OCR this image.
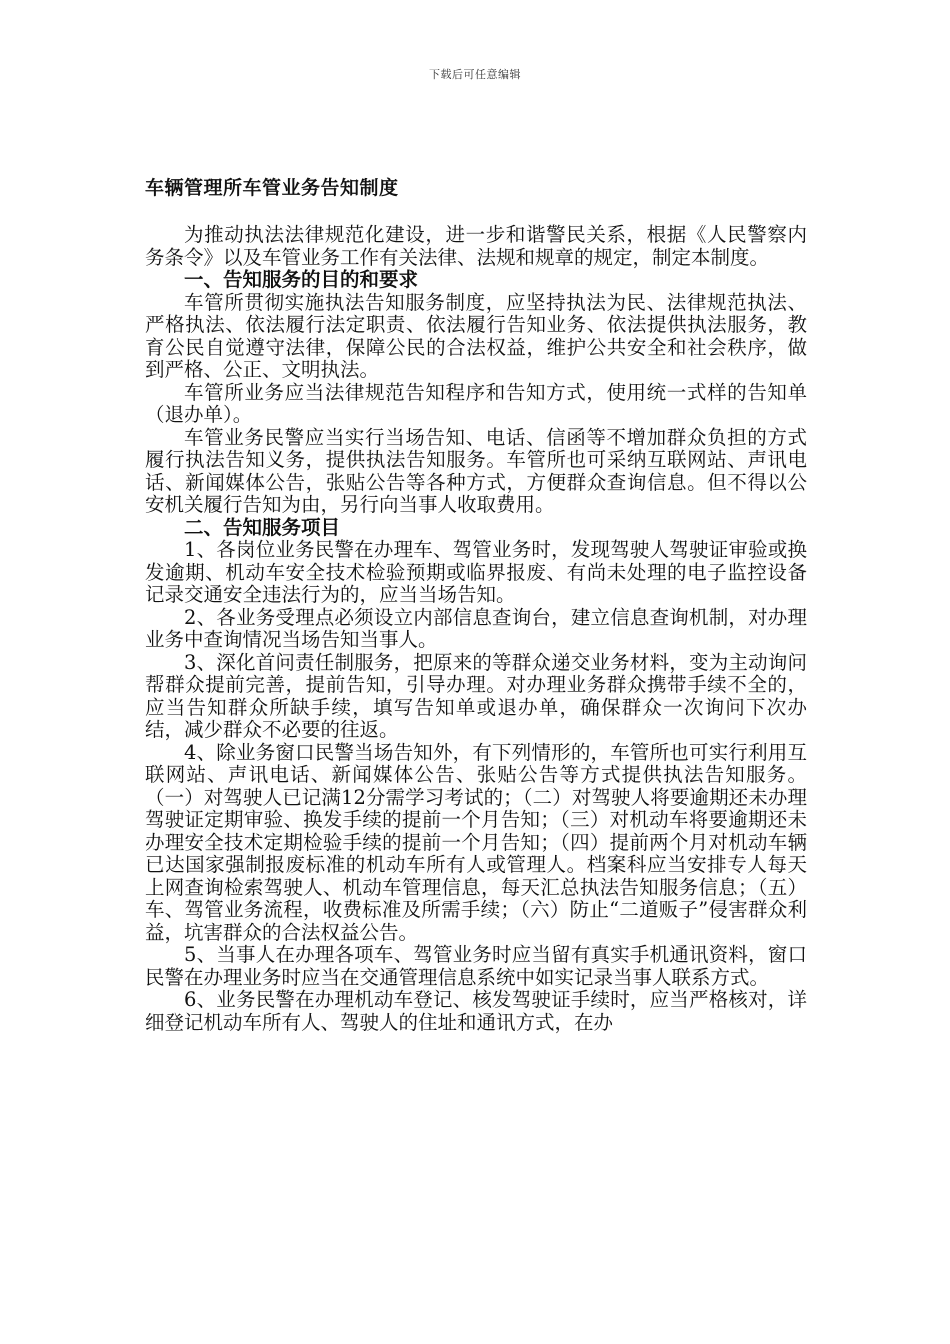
下载后可任意编辑
车辆管理所车管业务告知制度

为推动执法法律规范化建设，进一步和谐警民关系，根据《人民警察内务条令》以及车管业务工作有关法律、法规和规章的规定，制定本制度。

一、告知服务的目的和要求

车管所贯彻实施执法告知服务制度，应坚持执法为民、法律规范执法、严格执法、依法履行法定职责、依法履行告知业务、依法提供执法服务，教育公民自觉遵守法律，保障公民的合法权益，维护公共安全和社会秩序，做到严格、公正、文明执法。

车管所业务应当法律规范告知程序和告知方式，使用统一式样的告知单（退办单）。

车管业务民警应当实行当场告知、电话、信函等不增加群众负担的方式履行执法告知义务，提供执法告知服务。车管所也可采纳互联网站、声讯电话、新闻媒体公告，张贴公告等各种方式，方便群众查询信息。但不得以公安机关履行告知为由，另行向当事人收取费用。

二、告知服务项目

1、各岗位业务民警在办理车、驾管业务时，发现驾驶人驾驶证审验或换发逾期、机动车安全技术检验预期或临界报废、有尚未处理的电子监控设备记录交通安全违法行为的，应当当场告知。

2、各业务受理点必须设立内部信息查询台，建立信息查询机制，对办理业务中查询情况当场告知当事人。

3、深化首问责任制服务，把原来的等群众递交业务材料，变为主动询问帮群众提前完善，提前告知，引导办理。对办理业务群众携带手续不全的，应当告知群众所缺手续，填写告知单或退办单，确保群众一次询问下次办结，减少群众不必要的往返。

4、除业务窗口民警当场告知外，有下列情形的，车管所也可实行利用互联网站、声讯电话、新闻媒体公告、张贴公告等方式提供执法告知服务。（一）对驾驶人已记满12分需学习考试的；（二）对驾驶人将要逾期还未办理驾驶证定期审验、换发手续的提前一个月告知；（三）对机动车将要逾期还未办理安全技术定期检验手续的提前一个月告知；（四）提前两个月对机动车辆已达国家强制报废标准的机动车所有人或管理人。档案科应当安排专人每天上网查询检索驾驶人、机动车管理信息，每天汇总执法告知服务信息；（五）车、驾管业务流程，收费标准及所需手续；（六）防止“二道贩子”侵害群众利益，坑害群众的合法权益公告。

5、当事人在办理各项车、驾管业务时应当留有真实手机通讯资料，窗口民警在办理业务时应当在交通管理信息系统中如实记录当事人联系方式。

6、业务民警在办理机动车登记、核发驾驶证手续时，应当严格核对，详细登记机动车所有人、驾驶人的住址和通讯方式，在办
